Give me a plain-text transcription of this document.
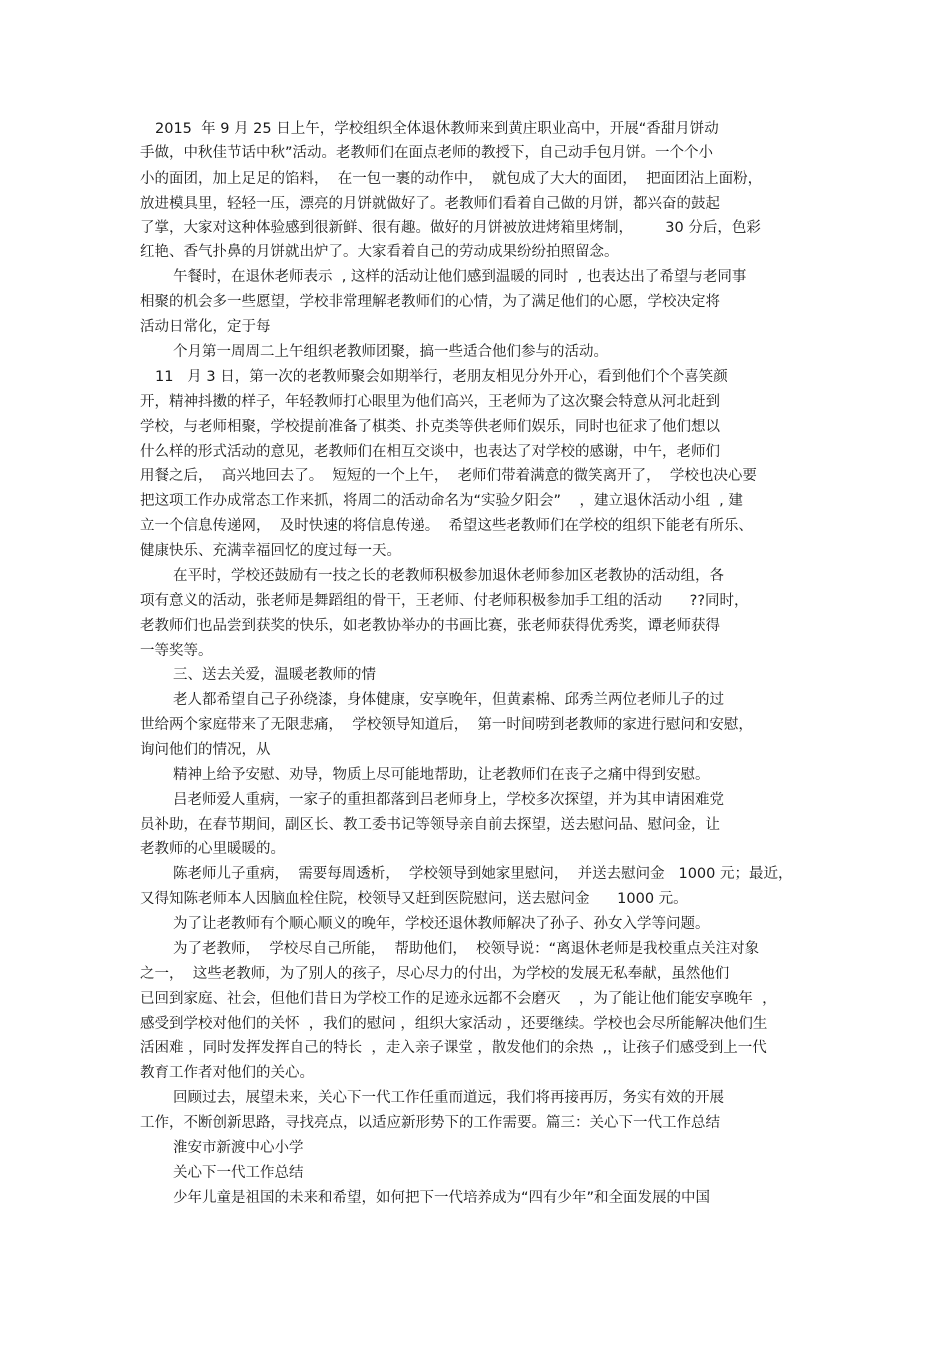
2015  年 9 月 25 日上午，学校组织全体退休教师来到黄庄职业高中，开展“香甜月饼动

手做，中秋佳节话中秋”活动。老教师们在面点老师的教授下，自己动手包月饼。一个个小

小的面团，加上足足的馅料，  在一包一裹的动作中，  就包成了大大的面团，  把面团沾上面粉，

放进模具里，轻轻一压，漂亮的月饼就做好了。老教师们看着自己做的月饼，都兴奋的鼓起

了掌，大家对这种体验感到很新鲜、很有趣。做好的月饼被放进烤箱里烤制，       30 分后，色彩

红艳、香气扑鼻的月饼就出炉了。大家看着自己的劳动成果纷纷拍照留念。

午餐时，在退休老师表示  , 这样的活动让他们感到温暖的同时  , 也表达出了希望与老同事

相聚的机会多一些愿望，学校非常理解老教师们的心情，为了满足他们的心愿，学校决定将

活动日常化，定于每

个月第一周周二上午组织老教师团聚，搞一些适合他们参与的活动。

11   月 3 日，第一次的老教师聚会如期举行，老朋友相见分外开心，看到他们个个喜笑颜

开，精神抖擞的样子，年轻教师打心眼里为他们高兴，王老师为了这次聚会特意从河北赶到

学校，与老师相聚，学校提前准备了棋类、扑克类等供老师们娱乐，同时也征求了他们想以

什么样的形式活动的意见，老教师们在相互交谈中，也表达了对学校的感谢，中午，老师们

用餐之后，  高兴地回去了。  短短的一个上午，  老师们带着满意的微笑离开了，  学校也决心要

把这项工作办成常态工作来抓，将周二的活动命名为“实验夕阳会”    ，建立退休活动小组  , 建

立一个信息传递网，  及时快速的将信息传递。  希望这些老教师们在学校的组织下能老有所乐、

健康快乐、充满幸福回忆的度过每一天。

在平时，学校还鼓励有一技之长的老教师积极参加退休老师参加区老教协的活动组，各

项有意义的活动，张老师是舞蹈组的骨干，王老师、付老师积极参加手工组的活动      ??同时，

老教师们也品尝到获奖的快乐，如老教协举办的书画比赛，张老师获得优秀奖，谭老师获得

一等奖等。

三、送去关爱，温暖老教师的情

老人都希望自己子孙绕漆，身体健康，安享晚年，但黄素棉、邱秀兰两位老师儿子的过

世给两个家庭带来了无限悲痛，  学校领导知道后，  第一时间唠到老教师的家进行慰问和安慰，

询问他们的情况，从

精神上给予安慰、劝导，物质上尽可能地帮助，让老教师们在丧子之痛中得到安慰。

吕老师爱人重病，一家子的重担都落到吕老师身上，学校多次探望，并为其申请困难党

员补助，在春节期间，副区长、教工委书记等领导亲自前去探望，送去慰问品、慰问金，让

老教师的心里暖暖的。

陈老师儿子重病，  需要每周透析，  学校领导到她家里慰问，  并送去慰问金   1000 元；最近，

又得知陈老师本人因脑血栓住院，校领导又赶到医院慰问，送去慰问金      1000 元。

为了让老教师有个顺心顺义的晚年，学校还退休教师解决了孙子、孙女入学等问题。

为了老教师，  学校尽自己所能，  帮助他们，  校领导说：“离退休老师是我校重点关注对象

之一，  这些老教师，为了别人的孩子，尽心尽力的付出，为学校的发展无私奉献，虽然他们

已回到家庭、社会，但他们昔日为学校工作的足迹永远都不会磨灭    ，为了能让他们能安享晚年  ，

感受到学校对他们的关怀  ，我们的慰问 ，组织大家活动 ，还要继续。学校也会尽所能解决他们生

活困难 ，同时发挥发挥自己的特长  ，走入亲子课堂 ，散发他们的余热  ,，让孩子们感受到上一代

教育工作者对他们的关心。

回顾过去，展望未来，关心下一代工作任重而道远，我们将再接再厉，务实有效的开展

工作，不断创新思路，寻找亮点，以适应新形势下的工作需要。篇三：关心下一代工作总结

淮安市新渡中心小学

关心下一代工作总结

少年儿童是祖国的未来和希望，如何把下一代培养成为“四有少年”和全面发展的中国
